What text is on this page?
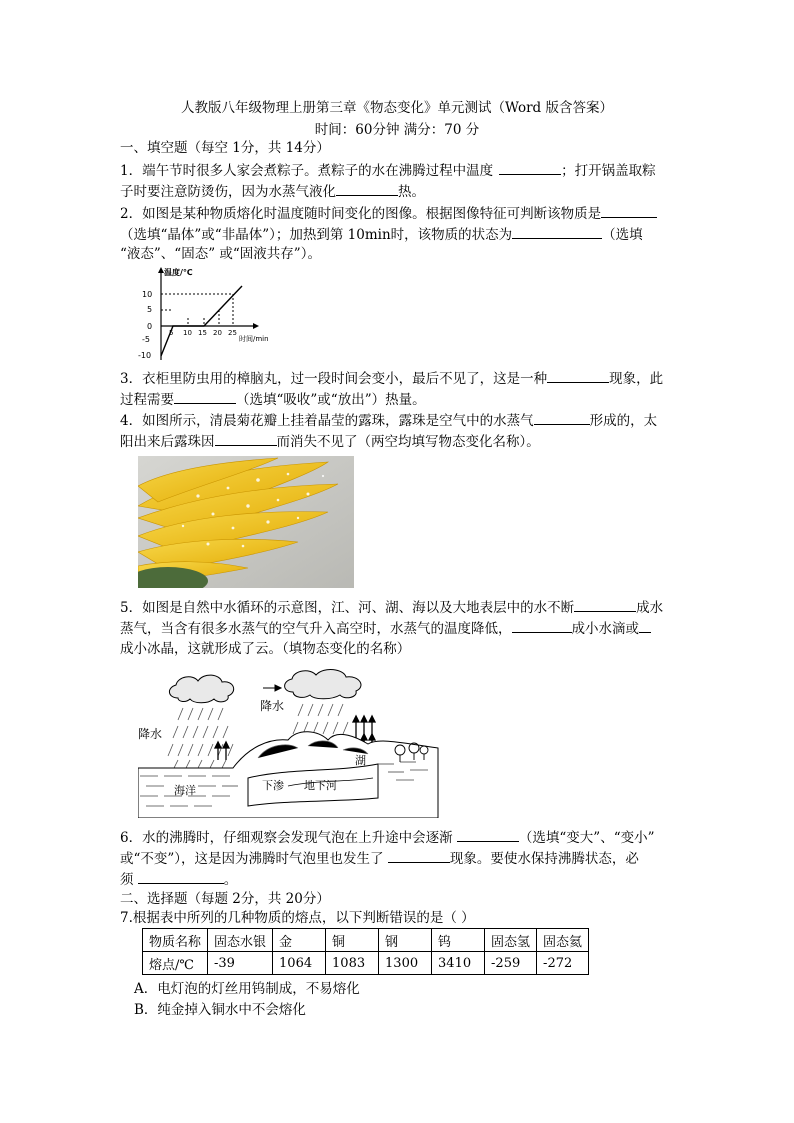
人教版八年级物理上册第三章《物态变化》单元测试（Word 版含答案）
时间：60分钟 满分：70 分
一、填空题（每空 1分，共 14分）
1．端午节时很多人家会煮粽子。煮粽子的水在沸腾过程中温度	；打开锅盖取粽
子时要注意防烫伤，因为水蒸气液化	热。
2．如图是某种物质熔化时温度随时间变化的图像。根据图像特征可判断该物质是
（选填“晶体”或“非晶体”）；加热到第 10min时，该物质的状态为	（选填
“液态”、“固态” 或“固液共存”）。
温度/℃
时间/min
10
5
0
-5
-10
5 10 15 20 25
3．衣柜里防虫用的樟脑丸，过一段时间会变小，最后不见了，这是一种	现象，此
过程需要	（选填“吸收”或“放出”）热量。
4．如图所示，清晨菊花瓣上挂着晶莹的露珠，露珠是空气中的水蒸气	形成的，太
阳出来后露珠因	而消失不见了（两空均填写物态变化名称）。
5．如图是自然中水循环的示意图，江、河、湖、海以及大地表层中的水不断	成水
蒸气，当含有很多水蒸气的空气升入高空时，水蒸气的温度降低，	成小水滴或
成小冰晶，这就形成了云。（填物态变化的名称）
降水
降水
湖
海洋	下渗 地下河
6．水的沸腾时，仔细观察会发现气泡在上升途中会逐渐	（选填“变大”、“变小”
或“不变”），这是因为沸腾时气泡里也发生了	现象。要使水保持沸腾状态，必
须	。
二、选择题（每题 2分，共 20分）
7.根据表中所列的几种物质的熔点，以下判断错误的是（ ）
物质名称	固态水银	金	铜	钢	钨	固态氢	固态氦
熔点/℃	-39	1064	1083	1300	3410	-259	-272
A．电灯泡的灯丝用钨制成，不易熔化
B．纯金掉入铜水中不会熔化
